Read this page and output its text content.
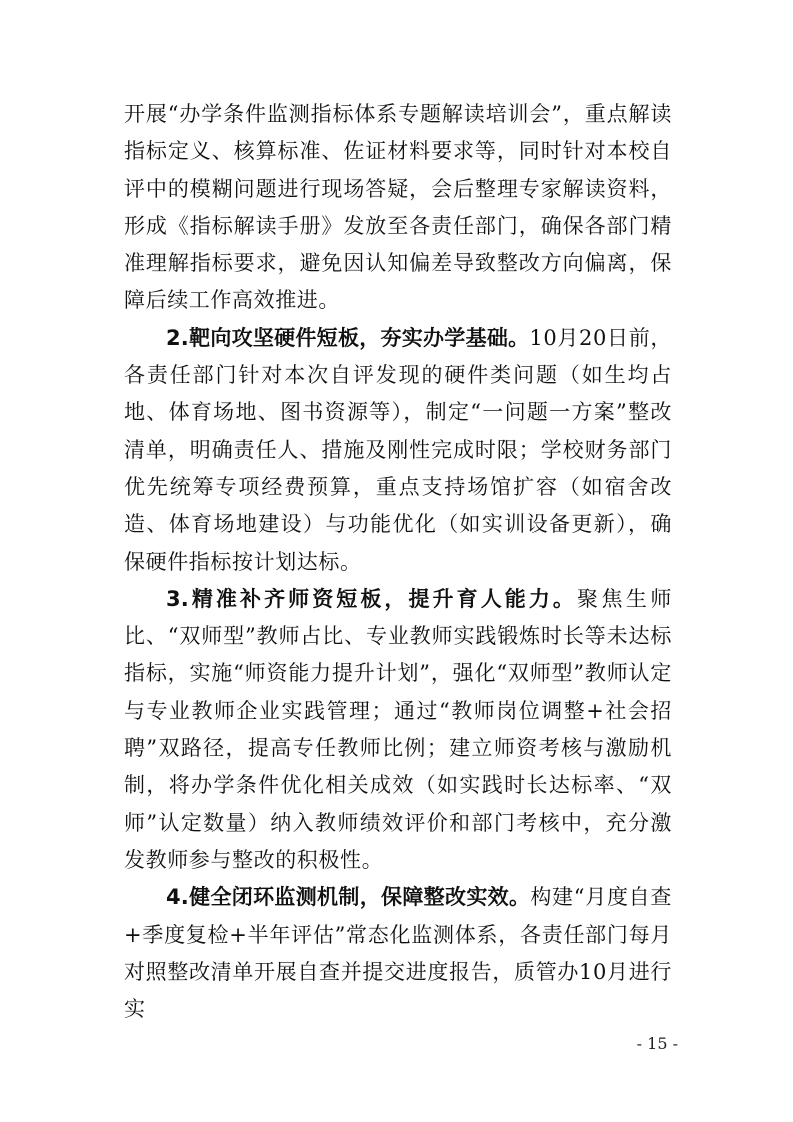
开展“办学条件监测指标体系专题解读培训会”，重点解读指标定义、核算标准、佐证材料要求等，同时针对本校自评中的模糊问题进行现场答疑，会后整理专家解读资料，形成《指标解读手册》发放至各责任部门，确保各部门精准理解指标要求，避免因认知偏差导致整改方向偏离，保障后续工作高效推进。

2.靶向攻坚硬件短板，夯实办学基础。10月20日前，各责任部门针对本次自评发现的硬件类问题（如生均占地、体育场地、图书资源等），制定“一问题一方案”整改清单，明确责任人、措施及刚性完成时限；学校财务部门优先统筹专项经费预算，重点支持场馆扩容（如宿舍改造、体育场地建设）与功能优化（如实训设备更新），确保硬件指标按计划达标。

3.精准补齐师资短板，提升育人能力。聚焦生师比、“双师型”教师占比、专业教师实践锻炼时长等未达标指标，实施“师资能力提升计划”，强化“双师型”教师认定与专业教师企业实践管理；通过“教师岗位调整+社会招聘”双路径，提高专任教师比例；建立师资考核与激励机制，将办学条件优化相关成效（如实践时长达标率、“双师”认定数量）纳入教师绩效评价和部门考核中，充分激发教师参与整改的积极性。

4.健全闭环监测机制，保障整改实效。构建“月度自查+季度复检+半年评估”常态化监测体系，各责任部门每月对照整改清单开展自查并提交进度报告，质管办10月进行实

- 15 -
